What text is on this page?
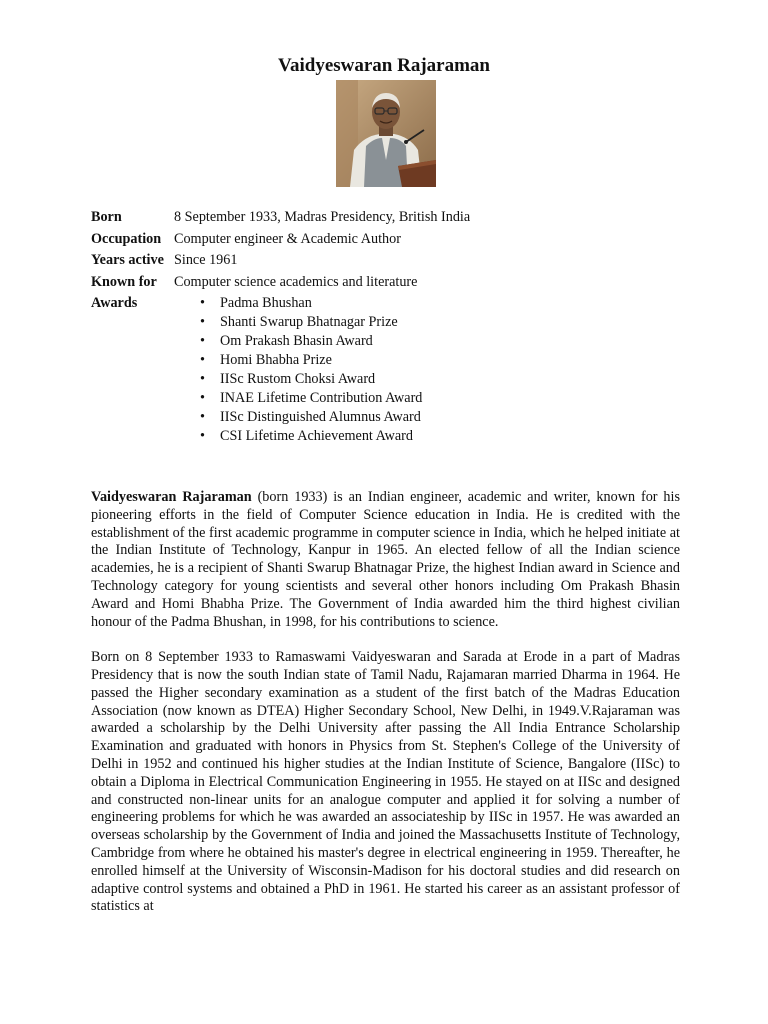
Vaidyeswaran Rajaraman
Born	8 September 1933, Madras Presidency, British India
Occupation Computer engineer & Academic Author
Years active Since 1961
Known for	Computer science academics and literature
Awards
•	Padma Bhushan
• Shanti Swarup Bhatnagar Prize
• Om Prakash Bhasin Award
• Homi Bhabha Prize
• IISc Rustom Choksi Award
• INAE Lifetime Contribution Award
• IISc Distinguished Alumnus Award
• CSI Lifetime Achievement Award

Vaidyeswaran Rajaraman (born 1933) is an Indian engineer, academic and writer, known for his pioneering efforts in the field of Computer Science education in India. He is credited with the establishment of the first academic programme in computer science in India, which he helped initiate at the Indian Institute of Technology, Kanpur in 1965. An elected fellow of all the Indian science academies, he is a recipient of Shanti Swarup Bhatnagar Prize, the highest Indian award in Science and Technology category for young scientists and several other honors including Om Prakash Bhasin Award and Homi Bhabha Prize. The Government of India awarded him the third highest civilian honour of the Padma Bhushan, in 1998, for his contributions to science.

Born on 8 September 1933 to Ramaswami Vaidyeswaran and Sarada at Erode in a part of Madras Presidency that is now the south Indian state of Tamil Nadu, Rajamaran married Dharma in 1964. He passed the Higher secondary examination as a student of the first batch of the Madras Education Association (now known as DTEA) Higher Secondary School, New Delhi, in 1949.V.Rajaraman was awarded a scholarship by the Delhi University after passing the All India Entrance Scholarship Examination and graduated with honors in Physics from St. Stephen's College of the University of Delhi in 1952 and continued his higher studies at the Indian Institute of Science, Bangalore (IISc) to obtain a Diploma in Electrical Communication Engineering in 1955. He stayed on at IISc and designed and constructed non-linear units for an analogue computer and applied it for solving a number of engineering problems for which he was awarded an associateship by IISc in 1957. He was awarded an overseas scholarship by the Government of India and joined the Massachusetts Institute of Technology, Cambridge from where he obtained his master's degree in electrical engineering in 1959. Thereafter, he enrolled himself at the University of Wisconsin-Madison for his doctoral studies and did research on adaptive control systems and obtained a PhD in 1961. He started his career as an assistant professor of statistics at
